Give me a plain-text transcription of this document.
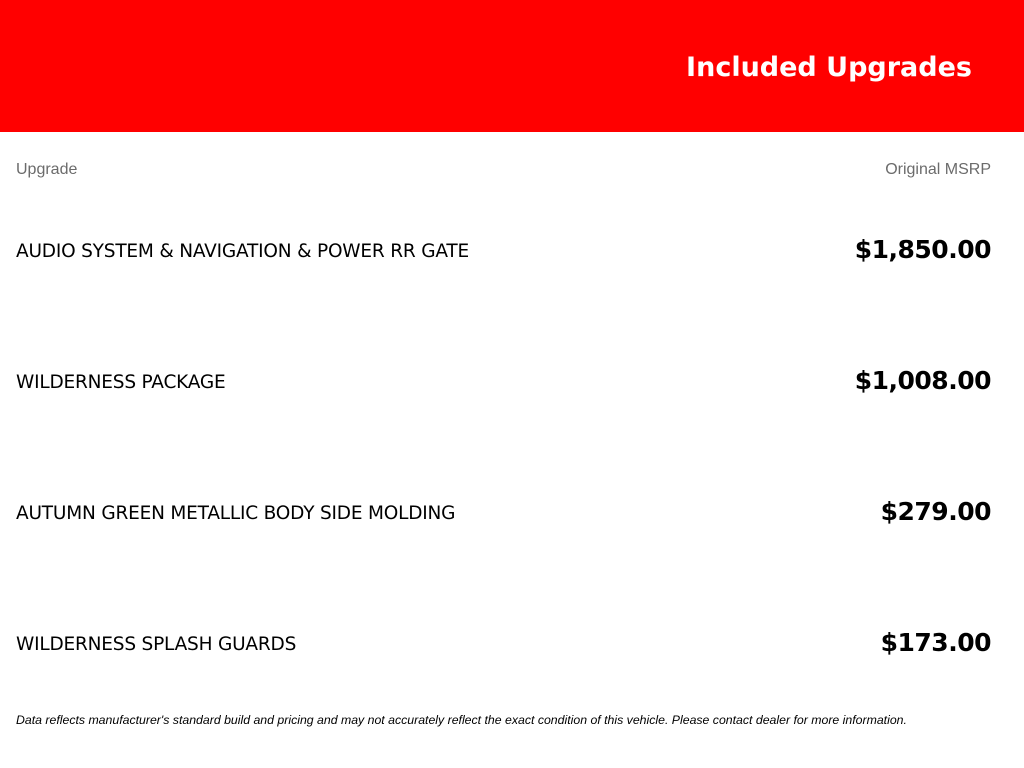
Included Upgrades
Upgrade	Original MSRP
AUDIO SYSTEM & NAVIGATION & POWER RR GATE	$1,850.00
WILDERNESS PACKAGE	$1,008.00
AUTUMN GREEN METALLIC BODY SIDE MOLDING	$279.00
WILDERNESS SPLASH GUARDS	$173.00
Data reflects manufacturer's standard build and pricing and may not accurately reflect the exact condition of this vehicle. Please contact dealer for more information.
